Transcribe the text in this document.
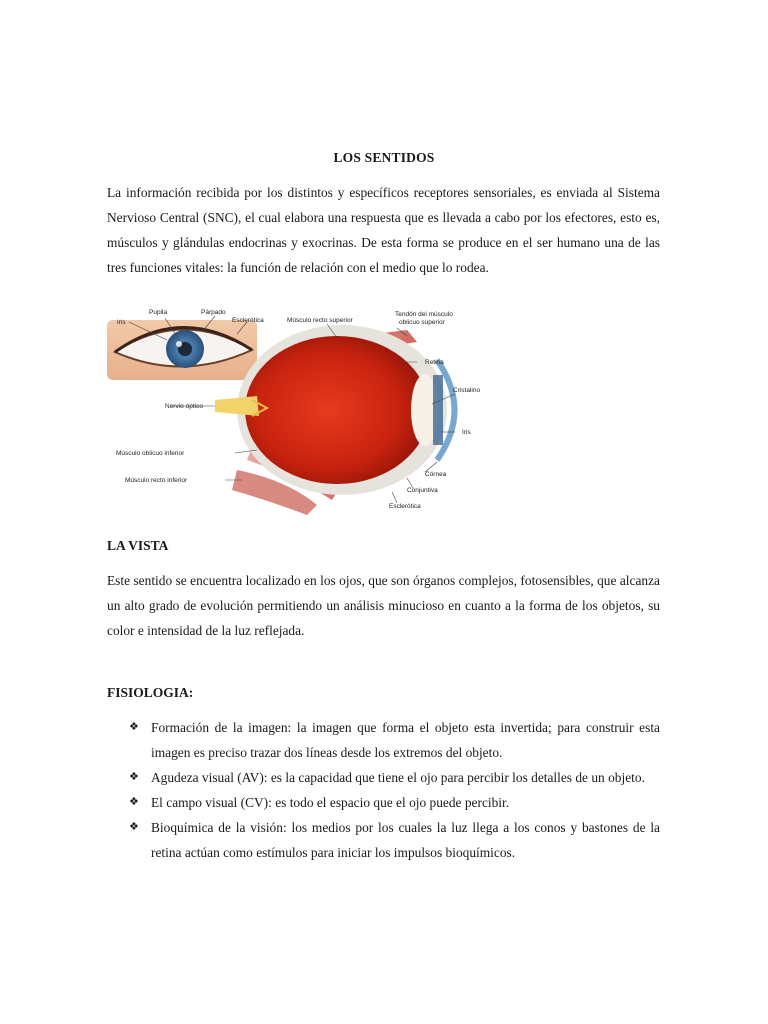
LOS SENTIDOS

La información recibida por los distintos y específicos receptores sensoriales, es enviada al Sistema Nervioso Central (SNC), el cual elabora una respuesta que es llevada a cabo por los efectores, esto es, músculos y glándulas endocrinas y exocrinas. De esta forma se produce en el ser humano una de las tres funciones vitales: la función de relación con el medio que lo rodea.

Iris
Pupila	Párpado
Esclerótica	Músculo recto superior
Tendón del músculo
oblicuo superior
Retina
Cristalino
Nervio óptico
Iris
Músculo oblicuo inferior
Músculo recto inferior
Córnea
Conjuntiva
Esclerótica
LA VISTA

Este sentido se encuentra localizado en los ojos, que son órganos complejos, fotosensibles, que alcanza un alto grado de evolución permitiendo un análisis minucioso en cuanto a la forma de los objetos, su color e intensidad de la luz reflejada.

FISIOLOGIA:
❖ Formación de la imagen: la imagen que forma el objeto esta invertida; para construir esta imagen es preciso trazar dos líneas desde los extremos del objeto.
❖ Agudeza visual (AV): es la capacidad que tiene el ojo para percibir los detalles de un objeto.
❖ El campo visual (CV): es todo el espacio que el ojo puede percibir.
❖ Bioquímica de la visión: los medios por los cuales la luz llega a los conos y bastones de la retina actúan como estímulos para iniciar los impulsos bioquímicos.
